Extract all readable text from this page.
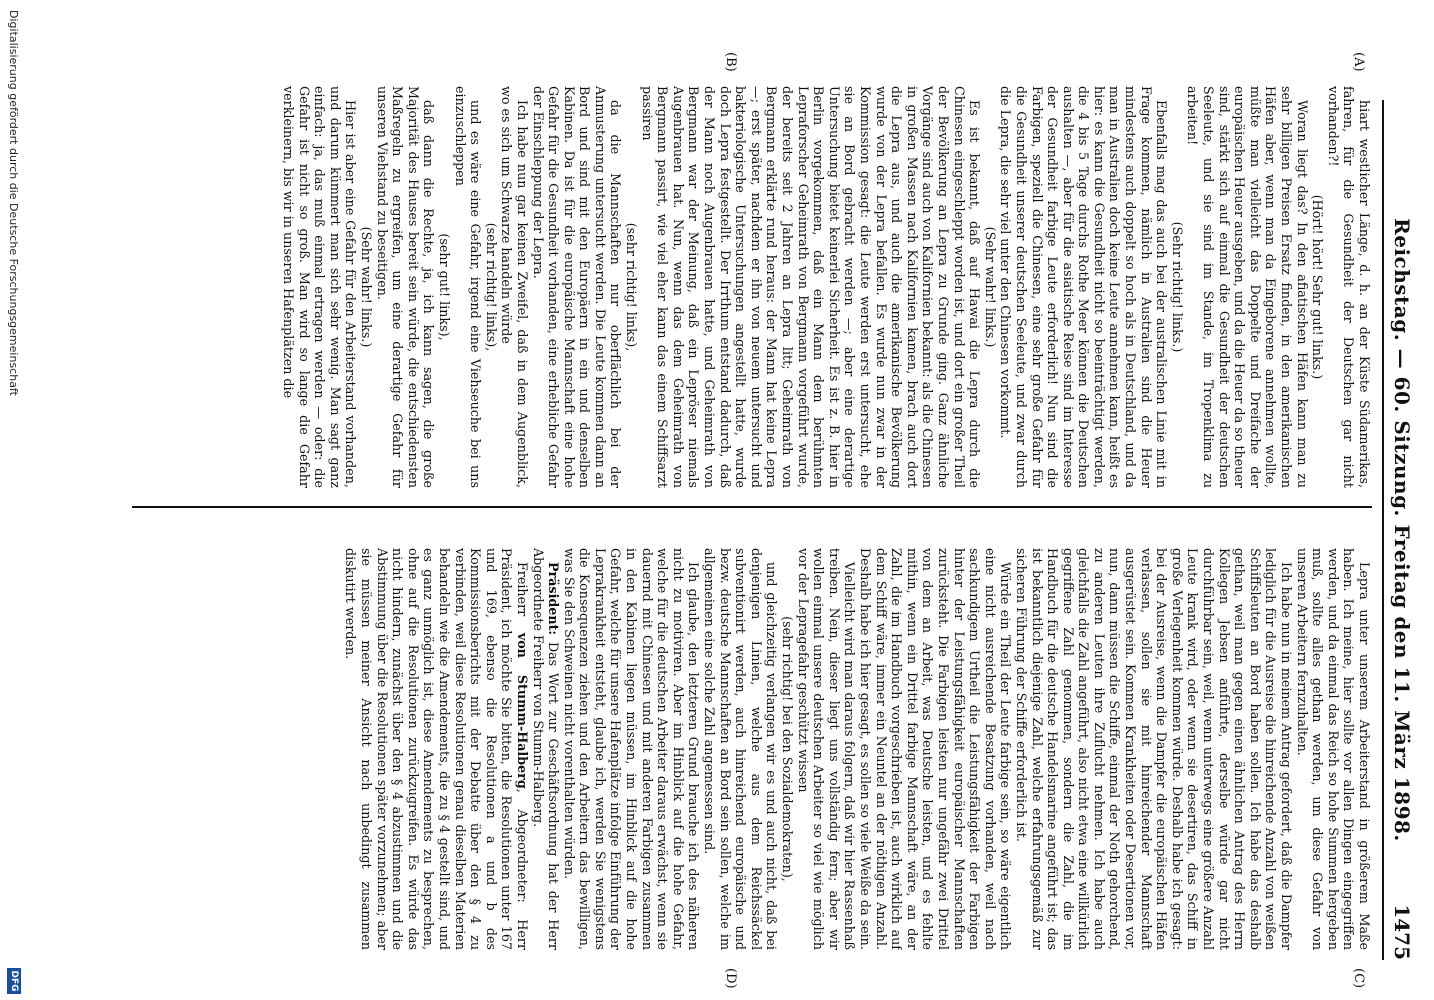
Reichstag. — 60. Sitzung. Freitag den 11. März 1898.
1475
(A)
(B)
(C)
(D)

hiart westlicher Länge, d. h. an der Küste Südamerikas, fahren, für die Gesundheit der Deutschen gar nicht vorhanden?!

(Hört! hört! Sehr gut! links.)

Woran liegt das? In den afiatischen Häfen kann man zu sehr billigen Preisen Ersatz finden, in den amerikanischen Häfen aber, wenn man da Eingeborene annehmen wollte, müßte man vielleicht das Doppelte und Dreifache der europäischen Heuer ausgeben, und da die Heuer da so theuer sind, stärkt sich auf einmal die Gesundheit der deutschen Seeleute, und sie sind im Stande, im Tropenklima zu arbeiten!

(Sehr richtig! links.)

Ebenfalls mag das auch bei der australischen Linie mit in Frage kommen, nämlich in Australien sind die Heuer mindestens auch doppelt so hoch als in Deutschland, und da man in Australien doch keine Leute annehmen kann, heißt es hier: es kann die Gesundheit nicht so beeinträchtigt werden, die 4 bis 5 Tage durchs Rothe Meer können die Deutschen aushalten —, aber für die asiatische Reise sind im Interesse der Gesundheit farbige Leute erforderlich! Nun sind die Farbigen, speziell die Chinesen, eine sehr große Gefahr für die Gesundheit unserer deutschen Seeleute, und zwar durch die Lepra, die sehr viel unter den Chinesen vorkommt.

(Sehr wahr! links.)

Es ist bekannt, daß auf Hawai die Lepra durch die Chinesen eingeschleppt worden ist, und dort ein großer Theil der Bevölkerung an Lepra zu Grunde ging. Ganz ähnliche Vorgänge sind auch von Kalifornien bekannt: als die Chinesen in großen Massen nach Kalifornien kamen, brach auch dort die Lepra aus, und auch die amerikanische Bevölkerung wurde von der Lepra befallen. Es wurde nun zwar in der Kommission gesagt: die Leute werden erst untersucht, ehe sie an Bord gebracht werden —; aber eine derartige Untersuchung bietet keinerlei Sicherheit. Es ist z. B. hier in Berlin vorgekommen, daß ein Mann dem berühmten Lepraforscher Geheimrath von Bergmann vorgeführt wurde, der bereits seit 2 Jahren an Lepra litt; Geheimrath von Bergmann erklärte rund heraus: der Mann hat keine Lepra —; erst später, nachdem er ihn von neuem untersucht und bakteriologische Untersuchungen angestellt hatte, wurde doch Lepra festgestellt. Der Irrthum entstand dadurch, daß der Mann noch Augenbrauen hatte, und Geheimrath von Bergmann war der Meinung, daß ein Lepröser niemals Augenbrauen hat. Nun, wenn das dem Geheimrath von Bergmann passirt, wie viel eher kann das einem Schiffsarzt passiren

(sehr richtig! links),

da die Mannschaften nur oberflächlich bei der Anmusterung untersucht werden. Die Leute kommen dann an Bord und sind mit den Europäern in ein und denselben Kabinen. Da ist für die europäische Mannschaft eine hohe Gefahr für die Gesundheit vorhanden, eine erhebliche Gefahr der Einschleppung der Lepra.

Ich habe nun gar keinen Zweifel, daß in dem Augenblick, wo es sich um Schwarze handeln würde

(sehr richtig! links),

und es wäre eine Gefahr, irgend eine Viehseuche bei uns einzuschleppen

(sehr gut! links),

daß dann die Rechte, ja, ich kann sagen, die große Majorität des Hauses bereit sein würde, die entschiedensten Maßregeln zu ergreifen, um eine derartige Gefahr für unseren Viehstand zu beseitigen.

(Sehr wahr! links.)

Hier ist aber eine Gefahr für den Arbeiterstand vorhanden, und darum kümmert man sich sehr wenig. Man sagt ganz einfach: ja, das muß einmal ertragen werden — oder: die Gefahr ist nicht so groß. Man wird so lange die Gefahr verkleinern, bis wir in unseren Hafenplätzen die

Lepra unter unserem Arbeiterstand in größerem Maße haben. Ich meine, hier sollte vor allen Dingen eingegriffen werden, und da einmal das Reich so hohe Summen hergeben muß, sollte alles gethan werden, um diese Gefahr von unseren Arbeitern fernzuhalten.

Ich habe nun in meinem Antrag gefordert, daß die Dampfer lediglich für die Ausreise die hinreichende Anzahl von weißen Schiffsleuten an Bord haben sollen. Ich habe das deshalb gethan, weil man gegen einen ähnlichen Antrag des Herrn Kollegen Jebsen anführte, derselbe würde gar nicht durchführbar sein, weil, wenn unterwegs eine größere Anzahl Leute krank wird, oder wenn sie desertiren, das Schiff in große Verlegenheit kommen würde. Deshalb habe ich gesagt: bei der Ausreise, wenn die Dampfer die europäischen Häfen verlassen, sollen sie mit hinreichender Mannschaft ausgerüstet sein. Kommen Krankheiten oder Desertionen vor, nun, dann müssen die Schiffe, einmal der Noth gehorchend, zu anderen Leuten ihre Zuflucht nehmen. Ich habe auch gleichfalls die Zahl angeführt, also nicht etwa eine willkürlich gegriffene Zahl genommen, sondern die Zahl, die im Handbuch für die deutsche Handelsmarine angeführt ist; das ist bekanntlich diejenige Zahl, welche erfahrungsgemäß zur sicheren Führung der Schiffe erforderlich ist.

Würde ein Theil der Leute farbige sein, so wäre eigentlich eine nicht ausreichende Besatzung vorhanden, weil nach sachkundigem Urtheil die Leistungsfähigkeit der Farbigen hinter der Leistungsfähigkeit europäischer Mannschaften zurücksteht. Die Farbigen leisten nur ungefähr zwei Drittel von dem an Arbeit, was Deutsche leisten, und es fehlte mithin, wenn ein Drittel farbige Mannschaft wäre, an der Zahl, die im Handbuch vorgeschrieben ist, auch wirklich auf dem Schiff wäre, immer ein Neuntel an der nöthigen Anzahl. Deshalb habe ich hier gesagt, es sollen so viele Weiße da sein.

Vielleicht wird man daraus folgern, daß wir hier Rassenhaß treiben. Nein, dieser liegt uns vollständig fern; aber wir wollen einmal unsere deutschen Arbeiter so viel wie möglich vor der Lepragefahr geschützt wissen

(sehr richtig! bei den Sozialdemokraten),

und gleichzeitig verlangen wir es und auch nicht, daß bei denjenigen Linien, welche aus dem Reichssäckel subventionirt werden, auch hinreichend europäische und bezw. deutsche Mannschaften an Bord sein sollen, welche im allgemeinen eine solche Zahl angemessen sind.

Ich glaube, den letzteren Grund brauche ich des näheren nicht zu motiviren. Aber im Hinblick auf die hohe Gefahr, welche für die deutschen Arbeiter daraus erwächst, wenn sie dauernd mit Chinesen und mit anderen Farbigen zusammen in den Kabinen liegen müssen, im Hinblick auf die hohe Gefahr, welche für unsere Hafenplätze infolge Einführung der Leprakrankheit entsteht, glaube ich, werden Sie wenigstens die Konsequenzen ziehen und den Arbeitern das bewilligen, was Sie den Schweinen nicht vorenthalten würden.

Präsident: Das Wort zur Geschäftsordnung hat der Herr Abgeordnete Freiherr von Stumm-Halberg.

Freiherr von Stumm-Halberg, Abgeordneter: Herr Präsident, ich möchte Sie bitten, die Resolutionen unter 167 und 169, ebenso die Resolutionen a und b des Kommissionsberichts mit der Debatte über den § 4 zu verbinden, weil diese Resolutionen genau dieselben Materien behandeln wie die Amendements, die zu § 4 gestellt sind, und es ganz unmöglich ist, diese Amendements zu besprechen, ohne auf die Resolutionen zurückzugreifen. Es würde das nicht hindern, zunächst über den § 4 abzustimmen und die Abstimmung über die Resolutionen später vorzunehmen; aber sie müssen meiner Ansicht nach unbedingt zusammen diskutirt werden.

Digitalisierung gefördert durch die Deutsche Forschungsgemeinschaft
DFG
